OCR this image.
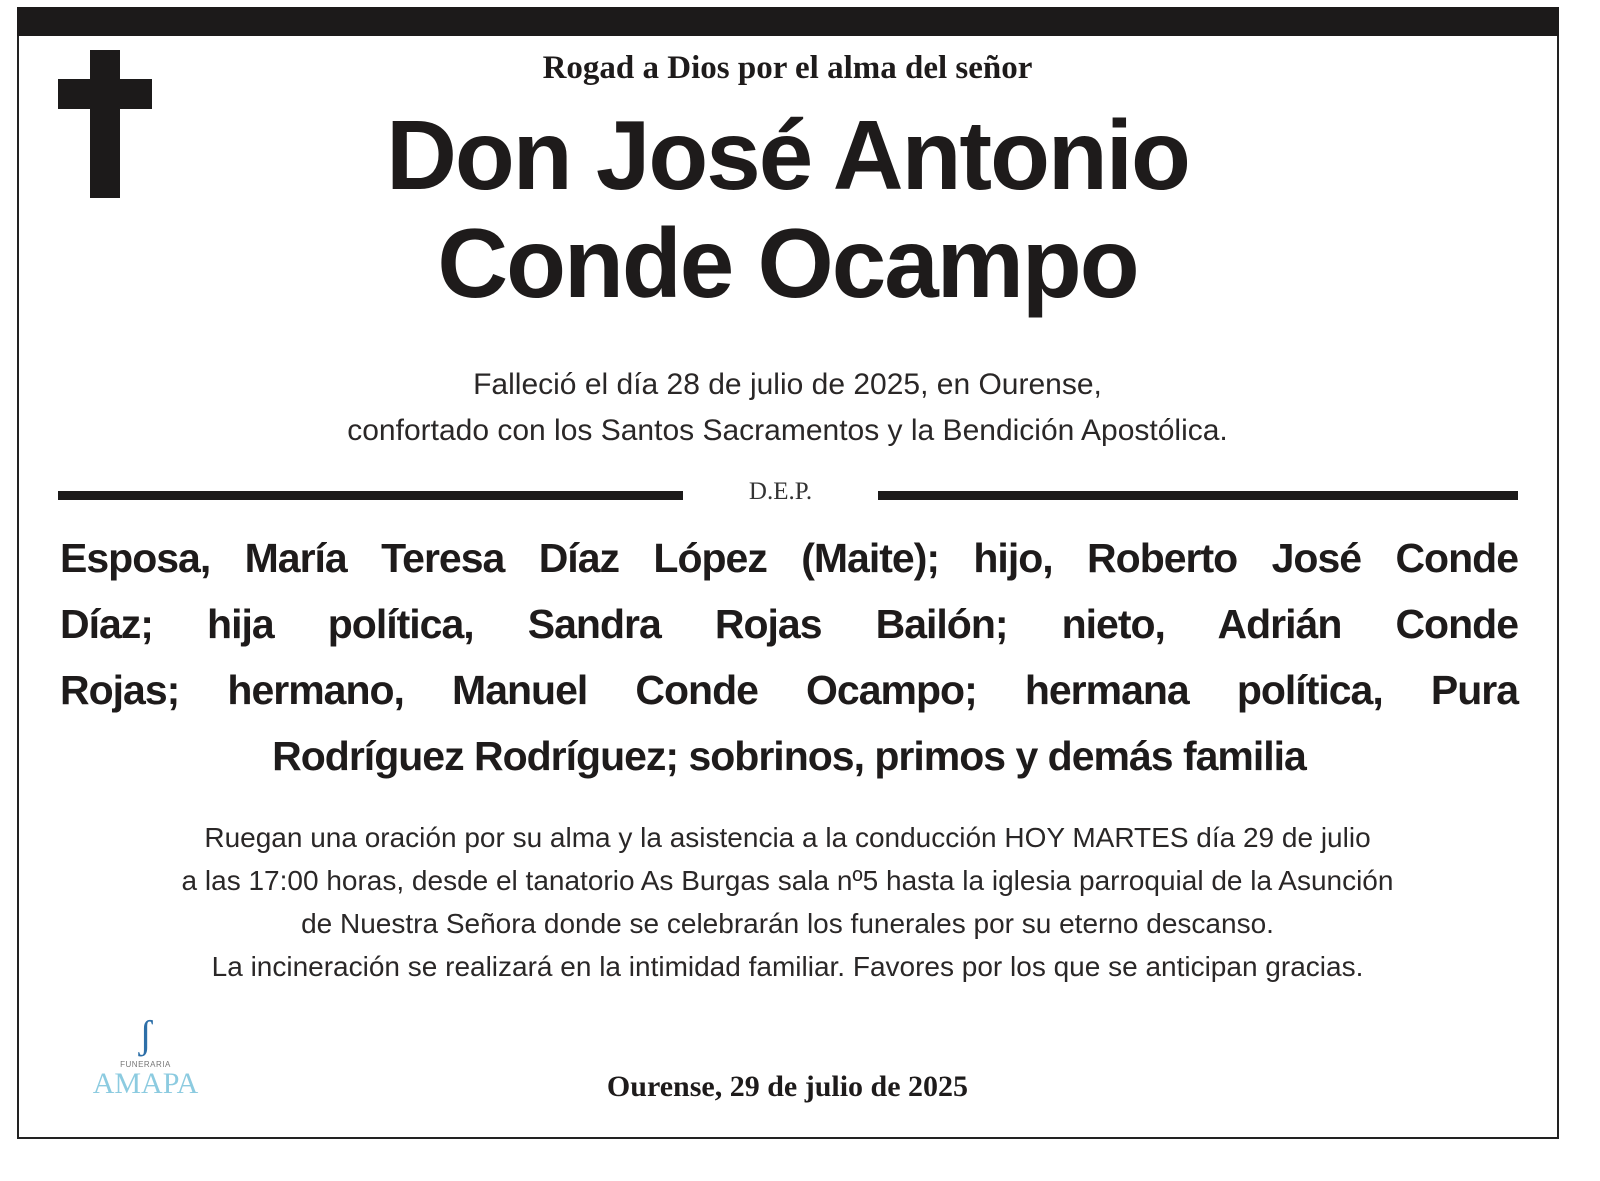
Rogad a Dios por el alma del señor
Don José Antonio
Conde Ocampo
Falleció el día 28 de julio de 2025, en Ourense,
confortado con los Santos Sacramentos y la Bendición Apostólica.
D.E.P.
Esposa, María Teresa Díaz López (Maite); hijo, Roberto José Conde
Díaz; hija política, Sandra Rojas Bailón; nieto, Adrián Conde
Rojas; hermano, Manuel Conde Ocampo; hermana política, Pura
Rodríguez Rodríguez; sobrinos, primos y demás familia
Ruegan una oración por su alma y la asistencia a la conducción HOY MARTES día 29 de julio
a las 17:00 horas, desde el tanatorio As Burgas sala nº5 hasta la iglesia parroquial de la Asunción
de Nuestra Señora donde se celebrarán los funerales por su eterno descanso.
La incineración se realizará en la intimidad familiar. Favores por los que se anticipan gracias.
ʃ
FUNERARIA
AMAPA	Ourense, 29 de julio de 2025
